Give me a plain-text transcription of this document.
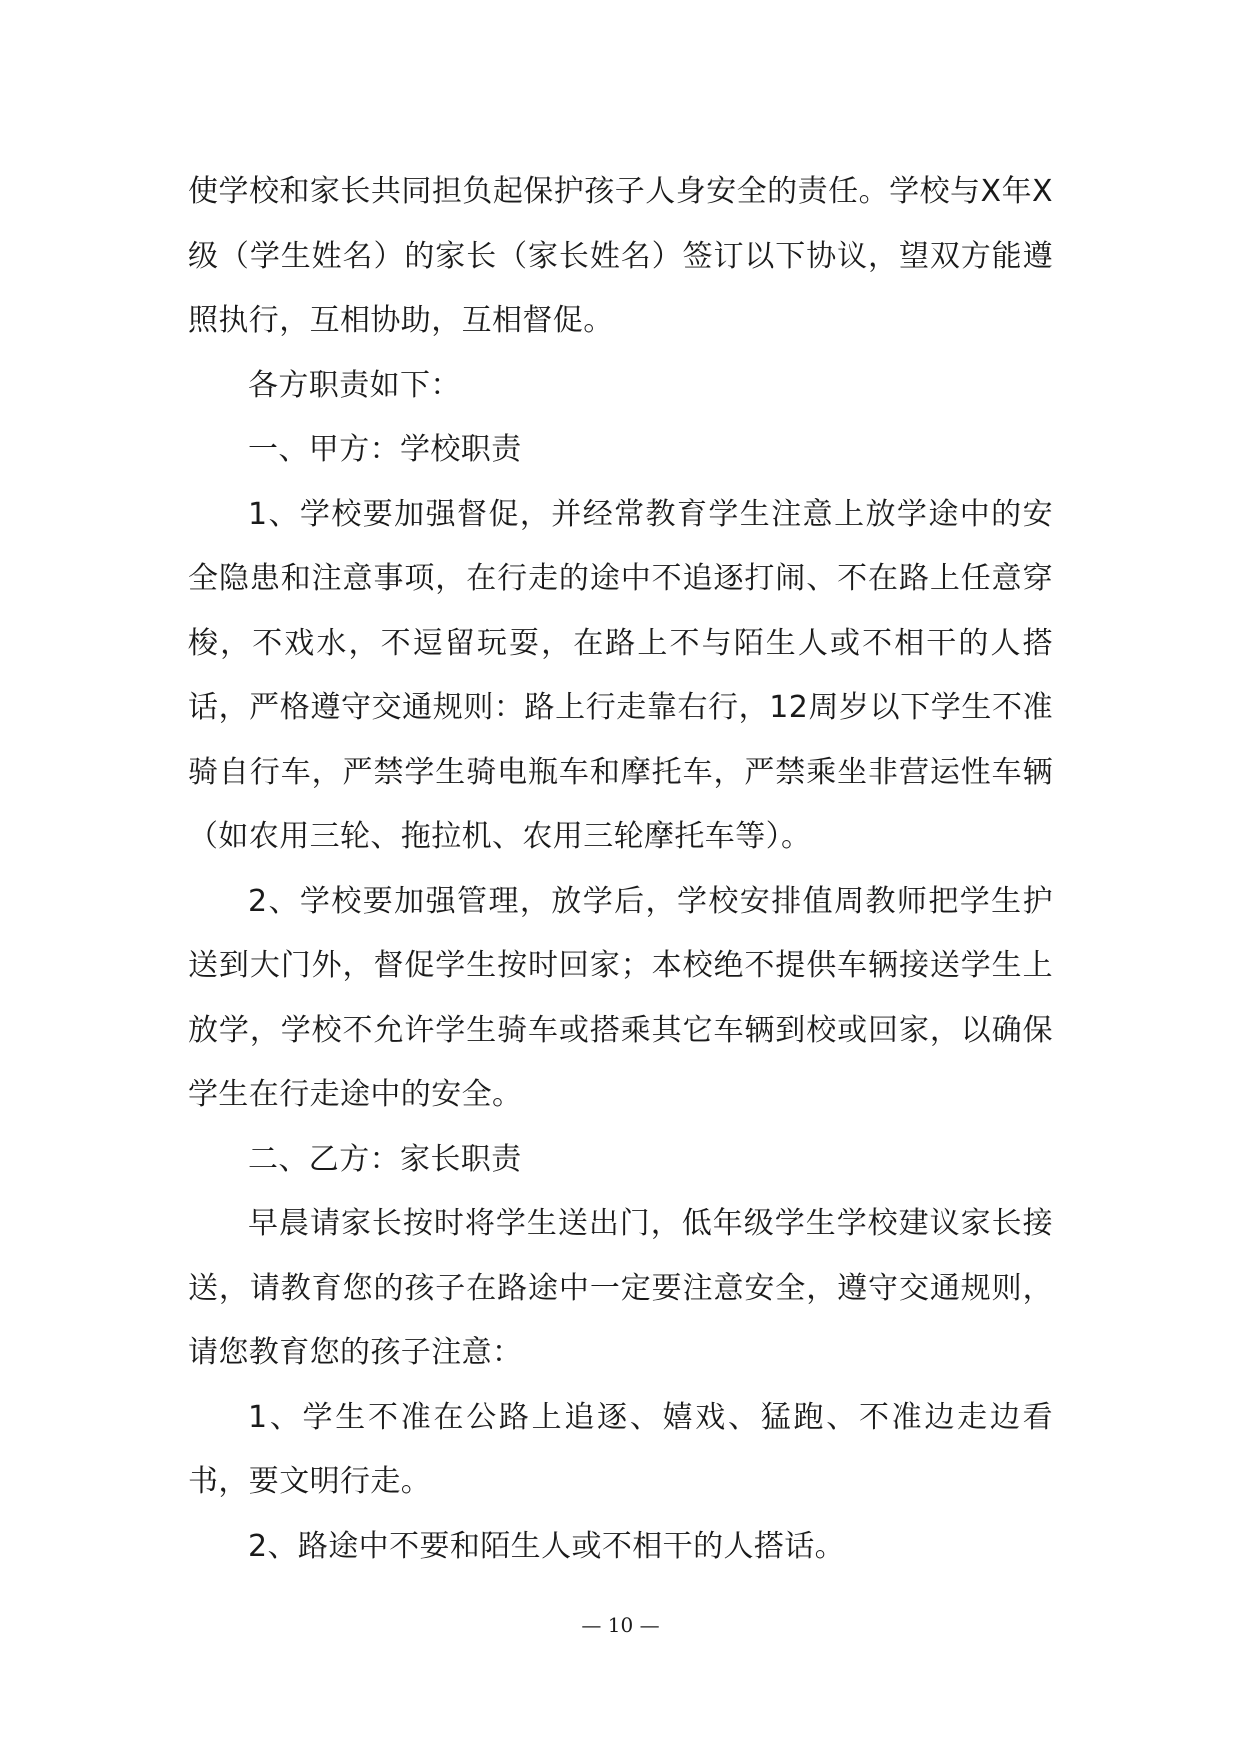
使学校和家长共同担负起保护孩子人身安全的责任。学校与X年X级（学生姓名）的家长（家长姓名）签订以下协议，望双方能遵照执行，互相协助，互相督促。

各方职责如下：

一、甲方：学校职责

1、学校要加强督促，并经常教育学生注意上放学途中的安全隐患和注意事项，在行走的途中不追逐打闹、不在路上任意穿梭，不戏水，不逗留玩耍，在路上不与陌生人或不相干的人搭话，严格遵守交通规则：路上行走靠右行，12周岁以下学生不准骑自行车，严禁学生骑电瓶车和摩托车，严禁乘坐非营运性车辆（如农用三轮、拖拉机、农用三轮摩托车等）。

2、学校要加强管理，放学后，学校安排值周教师把学生护送到大门外，督促学生按时回家；本校绝不提供车辆接送学生上放学，学校不允许学生骑车或搭乘其它车辆到校或回家，以确保学生在行走途中的安全。

二、乙方：家长职责

早晨请家长按时将学生送出门，低年级学生学校建议家长接送，请教育您的孩子在路途中一定要注意安全，遵守交通规则，请您教育您的孩子注意：

1、学生不准在公路上追逐、嬉戏、猛跑、不准边走边看书，要文明行走。

2、路途中不要和陌生人或不相干的人搭话。

— 10 —
